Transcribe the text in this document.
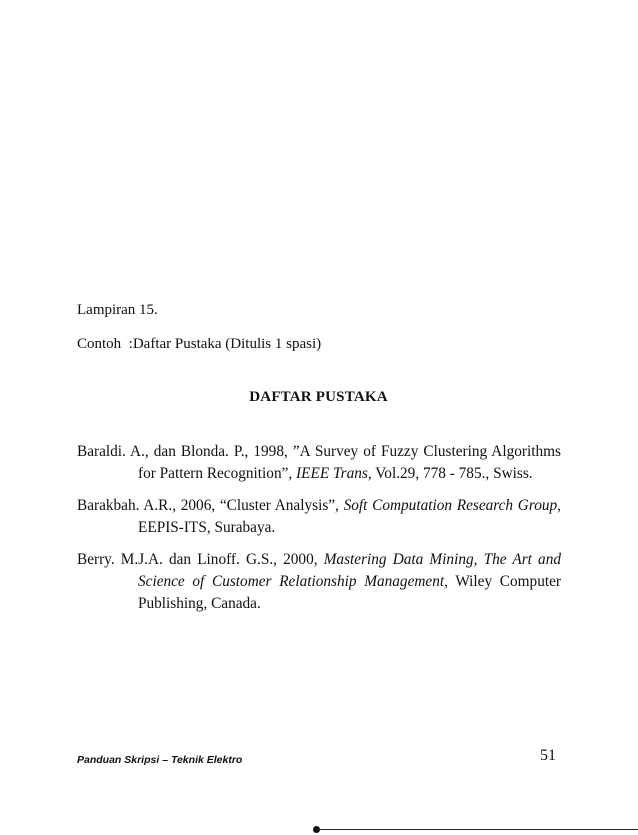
Lampiran 15.
Contoh  :Daftar Pustaka (Ditulis 1 spasi)
DAFTAR PUSTAKA

Baraldi. A., dan Blonda. P., 1998, ”A Survey of Fuzzy Clustering Algorithms for Pattern Recognition”, IEEE Trans, Vol.29, 778 - 785., Swiss.

Barakbah. A.R., 2006, “Cluster Analysis”, Soft Computation Research Group, EEPIS-ITS, Surabaya.

Berry. M.J.A. dan Linoff. G.S., 2000, Mastering Data Mining, The Art and Science of Customer Relationship Management, Wiley Computer Publishing, Canada.

Panduan Skripsi – Teknik Elektro	51
